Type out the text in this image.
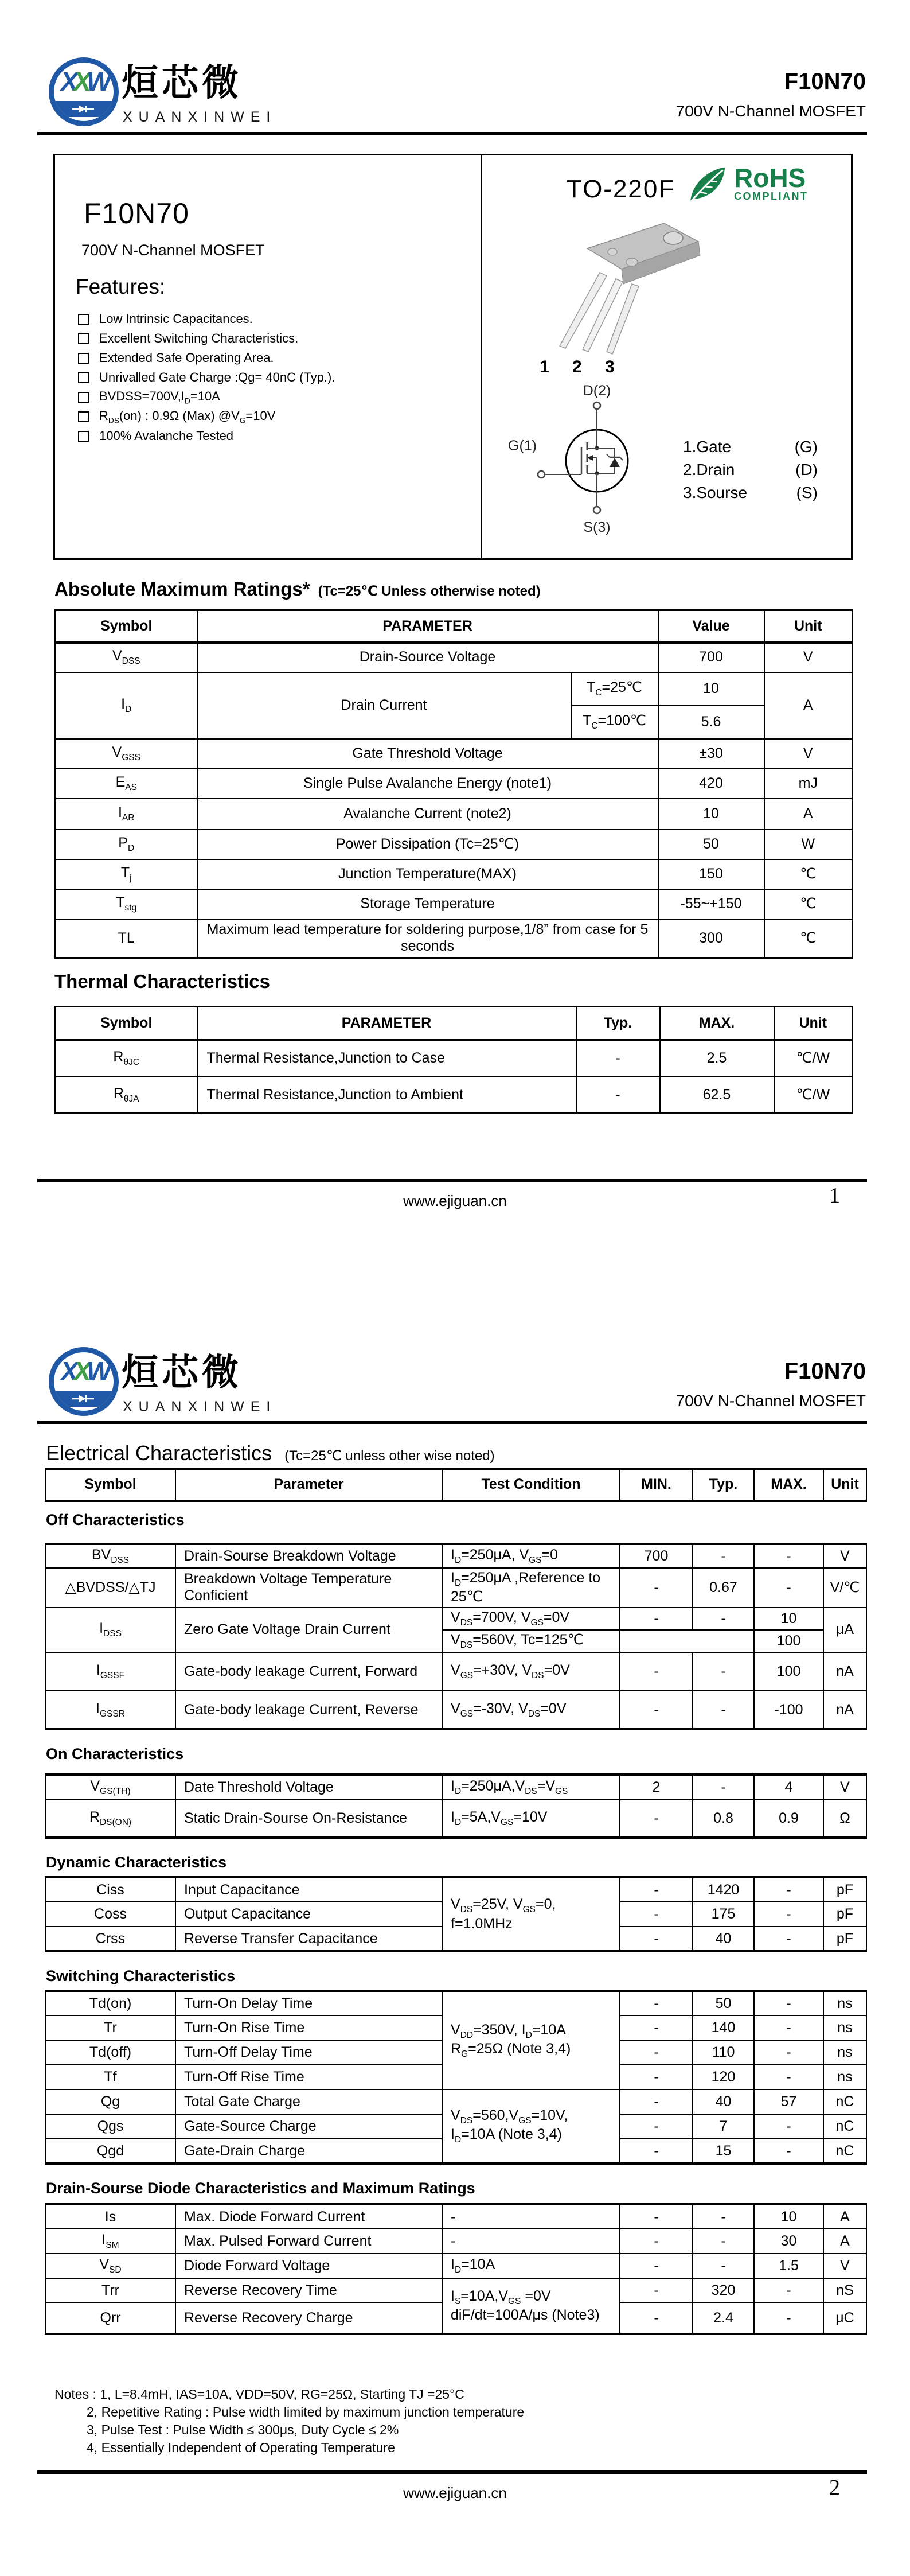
XXW 烜芯微
XUANXINWEI
F10N70
700V N-Channel MOSFET
F10N70
700V N-Channel MOSFET
Features:
Low Intrinsic Capacitances.
Excellent Switching Characteristics.
Extended Safe Operating Area.
Unrivalled Gate Charge :Qg= 40nC (Typ.).
$BVDSS=700V,I_D=10A$
$R_{DS}(on)$ : 0.9Ω (Max) $@V_G=10V$
100% Avalanche Tested
TO-220F RoHS
COMPLIANT
1 2 3
D(2)
G(1)
S(3)
1.Gate	(G)
2.Drain	(D)
3.Sourse	(S)
Absolute Maximum Ratings* (Tc=25℃ Unless otherwise noted)
Symbol	PARAMETER		Value	Unit
$V_{DSS}$	Drain-Source Voltage		700	V
$I_D$	Drain Current	$T_C=25℃$	10	A
		$T_C=100℃$	5.6	
$V_{GSS}$	Gate Threshold Voltage		±30	V
$E_{AS}$	Single Pulse Avalanche Energy (note1)		420	mJ
$I_{AR}$	Avalanche Current (note2)		10	A
$P_D$	Power Dissipation (Tc=25℃)		50	W
$T_j$	Junction Temperature(MAX)		150	℃
$T_{stg}$	Storage Temperature		-55~+150	℃
TL	Maximum lead temperature for soldering purpose,1/8” from case for 5 seconds		300	℃
Thermal Characteristics
Symbol	PARAMETER	Typ.	MAX.	Unit
$R_{\theta JC}$	Thermal Resistance,Junction to Case	-	2.5	℃/W
$R_{\theta JA}$	Thermal Resistance,Junction to Ambient	-	62.5	℃/W
www.ejiguan.cn	1
XXW 烜芯微
XUANXINWEI
F10N70
700V N-Channel MOSFET
Electrical Characteristics (Tc=25℃ unless other wise noted)
Symbol	Parameter	Test Condition	MIN.	Typ.	MAX.	Unit
Off Characteristics
$BV_{DSS}$	Drain-Sourse Breakdown Voltage	$I_D=250\mu A$, $V_{GS}=0$	700	-	-	V
△BVDSS/△TJ	Breakdown Voltage Temperature Conficient	$I_D=250\mu A$ ,Reference to 25℃	-	0.67	-	V/℃
$I_{DSS}$	Zero Gate Voltage Drain Current	$V_{DS}=700V$, $V_{GS}=0V$	-	-	10	μA
		$V_{DS}=560V$, Tc=125℃			100	
$I_{GSSF}$	Gate-body leakage Current, Forward	$V_{GS}=+30V$, $V_{DS}=0V$	-	-	100	nA
$I_{GSSR}$	Gate-body leakage Current, Reverse	$V_{GS}=-30V$, $V_{DS}=0V$	-	-	-100	nA
On Characteristics
$V_{GS(TH)}$	Date Threshold Voltage	$I_D=250\mu A,V_{DS}=V_{GS}$	2	-	4	V
$R_{DS(ON)}$	Static Drain-Sourse On-Resistance	$I_D=5A,V_{GS}=10V$	-	0.8	0.9	Ω
Dynamic Characteristics
Ciss	Input Capacitance	$V_{DS}=25V$, $V_{GS}=0$, f=1.0MHz	-	1420	-	pF
Coss	Output Capacitance		-	175	-	pF
Crss	Reverse Transfer Capacitance		-	40	-	pF
Switching Characteristics
Td(on)	Turn-On Delay Time	$V_{DD}=350V$, $I_D=10A$ $R_G=25\Omega$ (Note 3,4)	-	50	-	ns
Tr	Turn-On Rise Time		-	140	-	ns
Td(off)	Turn-Off Delay Time		-	110	-	ns
Tf	Turn-Off Rise Time		-	120	-	ns
Qg	Total Gate Charge	$V_{DS}=560,V_{GS}=10V$, $I_D=10A$ (Note 3,4)	-	40	57	nC
Qgs	Gate-Source Charge		-	7	-	nC
Qgd	Gate-Drain Charge		-	15	-	nC
Drain-Sourse Diode Characteristics and Maximum Ratings
Is	Max. Diode Forward Current	-	-	-	10	A
$I_{SM}$	Max. Pulsed Forward Current	-	-	-	30	A
$V_{SD}$	Diode Forward Voltage	$I_D=10A$	-	-	1.5	V
Trr	Reverse Recovery Time	$I_S=10A,V_{GS} =0V$ diF/dt=100A/μs (Note3)	-	320	-	nS
Qrr	Reverse Recovery Charge		-	2.4	-	μC
Notes : 1, L=8.4mH, IAS=10A, VDD=50V, RG=25Ω, Starting TJ =25°C
2, Repetitive Rating : Pulse width limited by maximum junction temperature
3, Pulse Test : Pulse Width ≤ 300μs, Duty Cycle ≤ 2%
4, Essentially Independent of Operating Temperature
www.ejiguan.cn	2
